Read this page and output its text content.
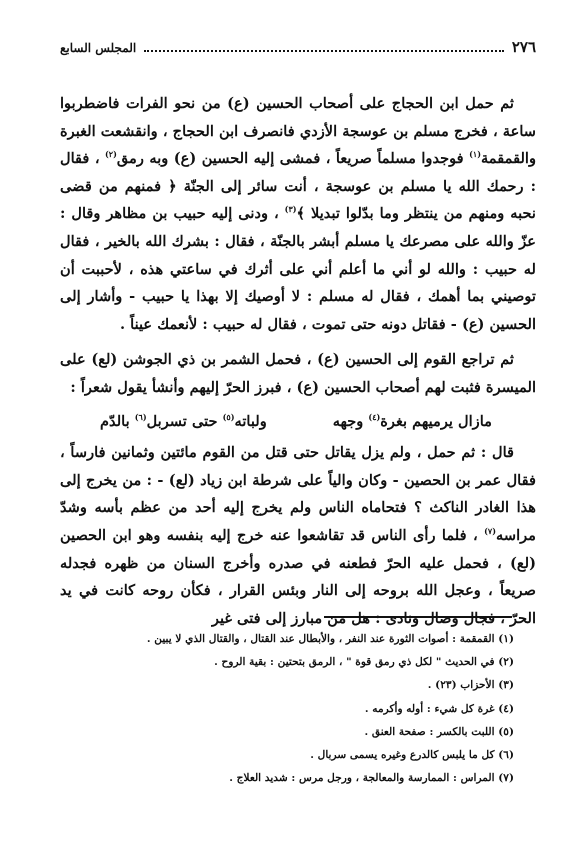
٢٧٦
المجلس السابع

ثم حمل ابن الحجاج على أصحاب الحسين (ع) من نحو الفرات فاضطربوا ساعة ، فخرج مسلم بن عوسجة الأزدي فانصرف ابن الحجاج ، وانقشعت الغبرة والقمقمة$^{(١)}$ فوجدوا مسلماً صريعاً ، فمشى إليه الحسين (ع) وبه رمق$^{(٢)}$ ، فقال : رحمك الله يا مسلم بن عوسجة ، أنت سائر إلى الجنّة ﴿ فمنهم من قضى نحبه ومنهم من ينتظر وما بدّلوا تبديلا ﴾$^{(٣)}$ ، ودنى إليه حبيب بن مظاهر وقال : عزّ والله على مصرعك يا مسلم أبشر بالجنّة ، فقال : بشرك الله بالخير ، فقال له حبيب : والله لو أني ما أعلم أني على أثرك في ساعتي هذه ، لأحببت أن توصيني بما أهمك ، فقال له مسلم : لا أوصيك إلا بهذا يا حبيب - وأشار إلى الحسين (ع) - فقاتل دونه حتى تموت ، فقال له حبيب : لأنعمك عيناً .

ثم تراجع القوم إلى الحسين (ع) ، فحمل الشمر بن ذي الجوشن (لع) على الميسرة فثبت لهم أصحاب الحسين (ع) ، فبرز الحرّ إليهم وأنشأ يقول شعراً :

مازال يرميهم بغرة$^{(٤)}$ وجهه
ولباته$^{(٥)}$ حتى تسربل$^{(٦)}$ بالدّم

قال : ثم حمل ، ولم يزل يقاتل حتى قتل من القوم مائتين وثمانين فارساً ، فقال عمر بن الحصين - وكان والياً على شرطة ابن زياد (لع) - : من يخرج إلى هذا الغادر الناكث ؟ فتحاماه الناس ولم يخرج إليه أحد من عظم بأسه وشدّ مراسه$^{(٧)}$ ، فلما رأى الناس قد تقاشعوا عنه خرج إليه بنفسه وهو ابن الحصين (لع) ، فحمل عليه الحرّ فطعنه في صدره وأخرج السنان من ظهره فجدله صريعاً ، وعجل الله بروحه إلى النار وبئس القرار ، فكأن روحه كانت في يد الحرّ ، فجال وصال ونادى : هل من مبارز إلى فتى غير

(١) القمقمة : أصوات الثورة عند النفر ، والأبطال عند القتال ، والقتال الذي لا يبين .
(٢) في الحديث " لكل ذي رمق قوة " ، الرمق بتحتين : بقية الروح .
(٣) الأحزاب (٢٣) .
(٤) غرة كل شيء : أوله وأكرمه .
(٥) اللبت بالكسر : صفحة العنق .
(٦) كل ما يلبس كالدرع وغيره يسمى سربال .
(٧) المراس : الممارسة والمعالجة ، ورجل مرس : شديد العلاج .
